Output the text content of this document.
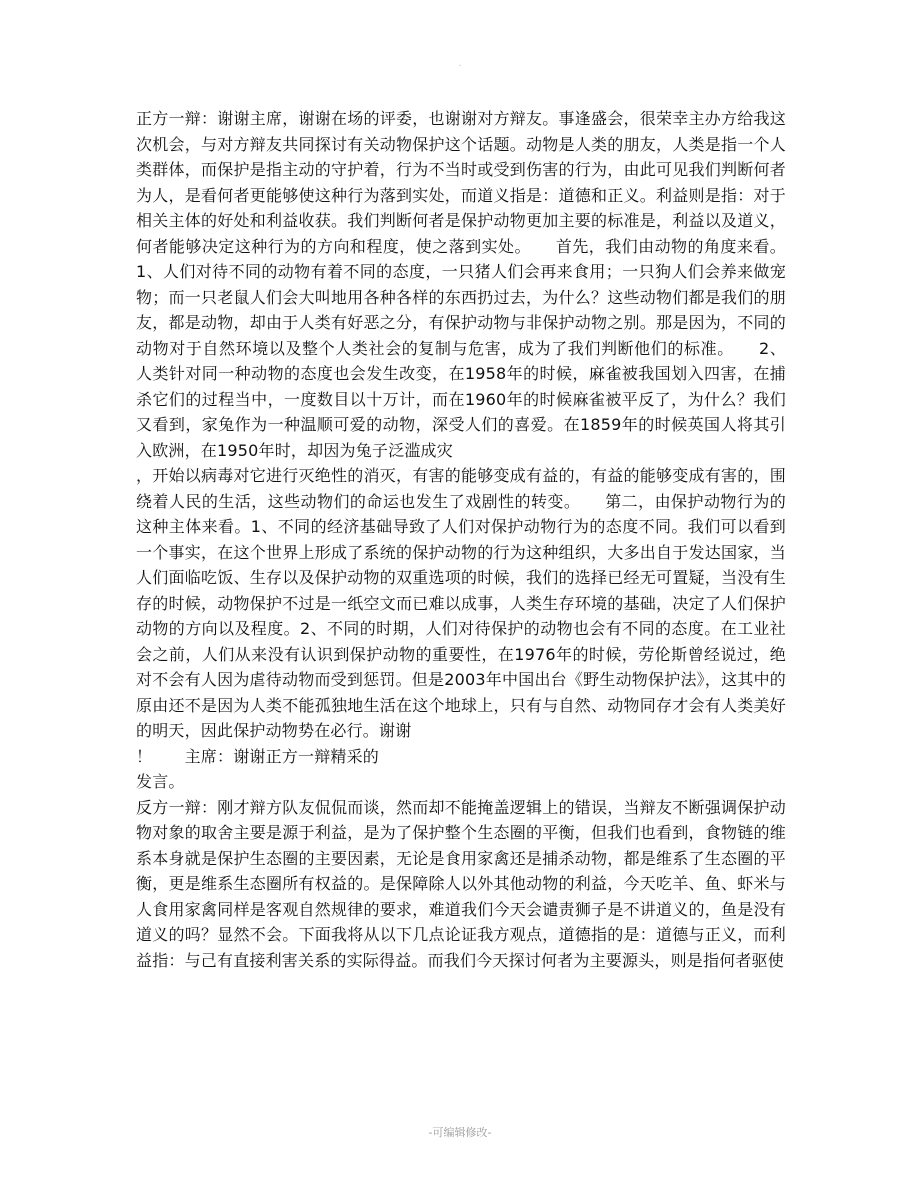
.

正方一辩：谢谢主席，谢谢在场的评委，也谢谢对方辩友。事逢盛会，很荣幸主办方给我这次机会，与对方辩友共同探讨有关动物保护这个话题。动物是人类的朋友，人类是指一个人类群体，而保护是指主动的守护着，行为不当时或受到伤害的行为，由此可见我们判断何者为人，是看何者更能够使这种行为落到实处，而道义指是：道德和正义。利益则是指：对于相关主体的好处和利益收获。我们判断何者是保护动物更加主要的标准是，利益以及道义，何者能够决定这种行为的方向和程度，使之落到实处。　　首先，我们由动物的角度来看。1、人们对待不同的动物有着不同的态度，一只猪人们会再来食用；一只狗人们会养来做宠物；而一只老鼠人们会大叫地用各种各样的东西扔过去，为什么？这些动物们都是我们的朋友，都是动物，却由于人类有好恶之分，有保护动物与非保护动物之别。那是因为，不同的动物对于自然环境以及整个人类社会的复制与危害，成为了我们判断他们的标准。　　2、人类针对同一种动物的态度也会发生改变，在1958年的时候，麻雀被我国划入四害，在捕杀它们的过程当中，一度数目以十万计，而在1960年的时候麻雀被平反了，为什么？我们又看到，家兔作为一种温顺可爱的动物，深受人们的喜爱。在1859年的时候英国人将其引入欧洲，在1950年时，却因为兔子泛滥成灾

，开始以病毒对它进行灭绝性的消灭，有害的能够变成有益的，有益的能够变成有害的，围绕着人民的生活，这些动物们的命运也发生了戏剧性的转变。　　第二，由保护动物行为的这种主体来看。1、不同的经济基础导致了人们对保护动物行为的态度不同。我们可以看到一个事实，在这个世界上形成了系统的保护动物的行为这种组织，大多出自于发达国家，当人们面临吃饭、生存以及保护动物的双重选项的时候，我们的选择已经无可置疑，当没有生存的时候，动物保护不过是一纸空文而已难以成事，人类生存环境的基础，决定了人们保护动物的方向以及程度。2、不同的时期，人们对待保护的动物也会有不同的态度。在工业社会之前，人们从来没有认识到保护动物的重要性，在1976年的时候，劳伦斯曾经说过，绝对不会有人因为虐待动物而受到惩罚。但是2003年中国出台《野生动物保护法》，这其中的原由还不是因为人类不能孤独地生活在这个地球上，只有与自然、动物同存才会有人类美好的明天，因此保护动物势在必行。谢谢

！　　主席：谢谢正方一辩精采的

发言。

反方一辩：刚才辩方队友侃侃而谈，然而却不能掩盖逻辑上的错误，当辩友不断强调保护动物对象的取舍主要是源于利益，是为了保护整个生态圈的平衡，但我们也看到，食物链的维系本身就是保护生态圈的主要因素，无论是食用家禽还是捕杀动物，都是维系了生态圈的平衡，更是维系生态圈所有权益的。是保障除人以外其他动物的利益，今天吃羊、鱼、虾米与人食用家禽同样是客观自然规律的要求，难道我们今天会谴责狮子是不讲道义的，鱼是没有道义的吗？显然不会。下面我将从以下几点论证我方观点，道德指的是：道德与正义，而利益指：与己有直接利害关系的实际得益。而我们今天探讨何者为主要源头，则是指何者驱使

-可编辑修改-
